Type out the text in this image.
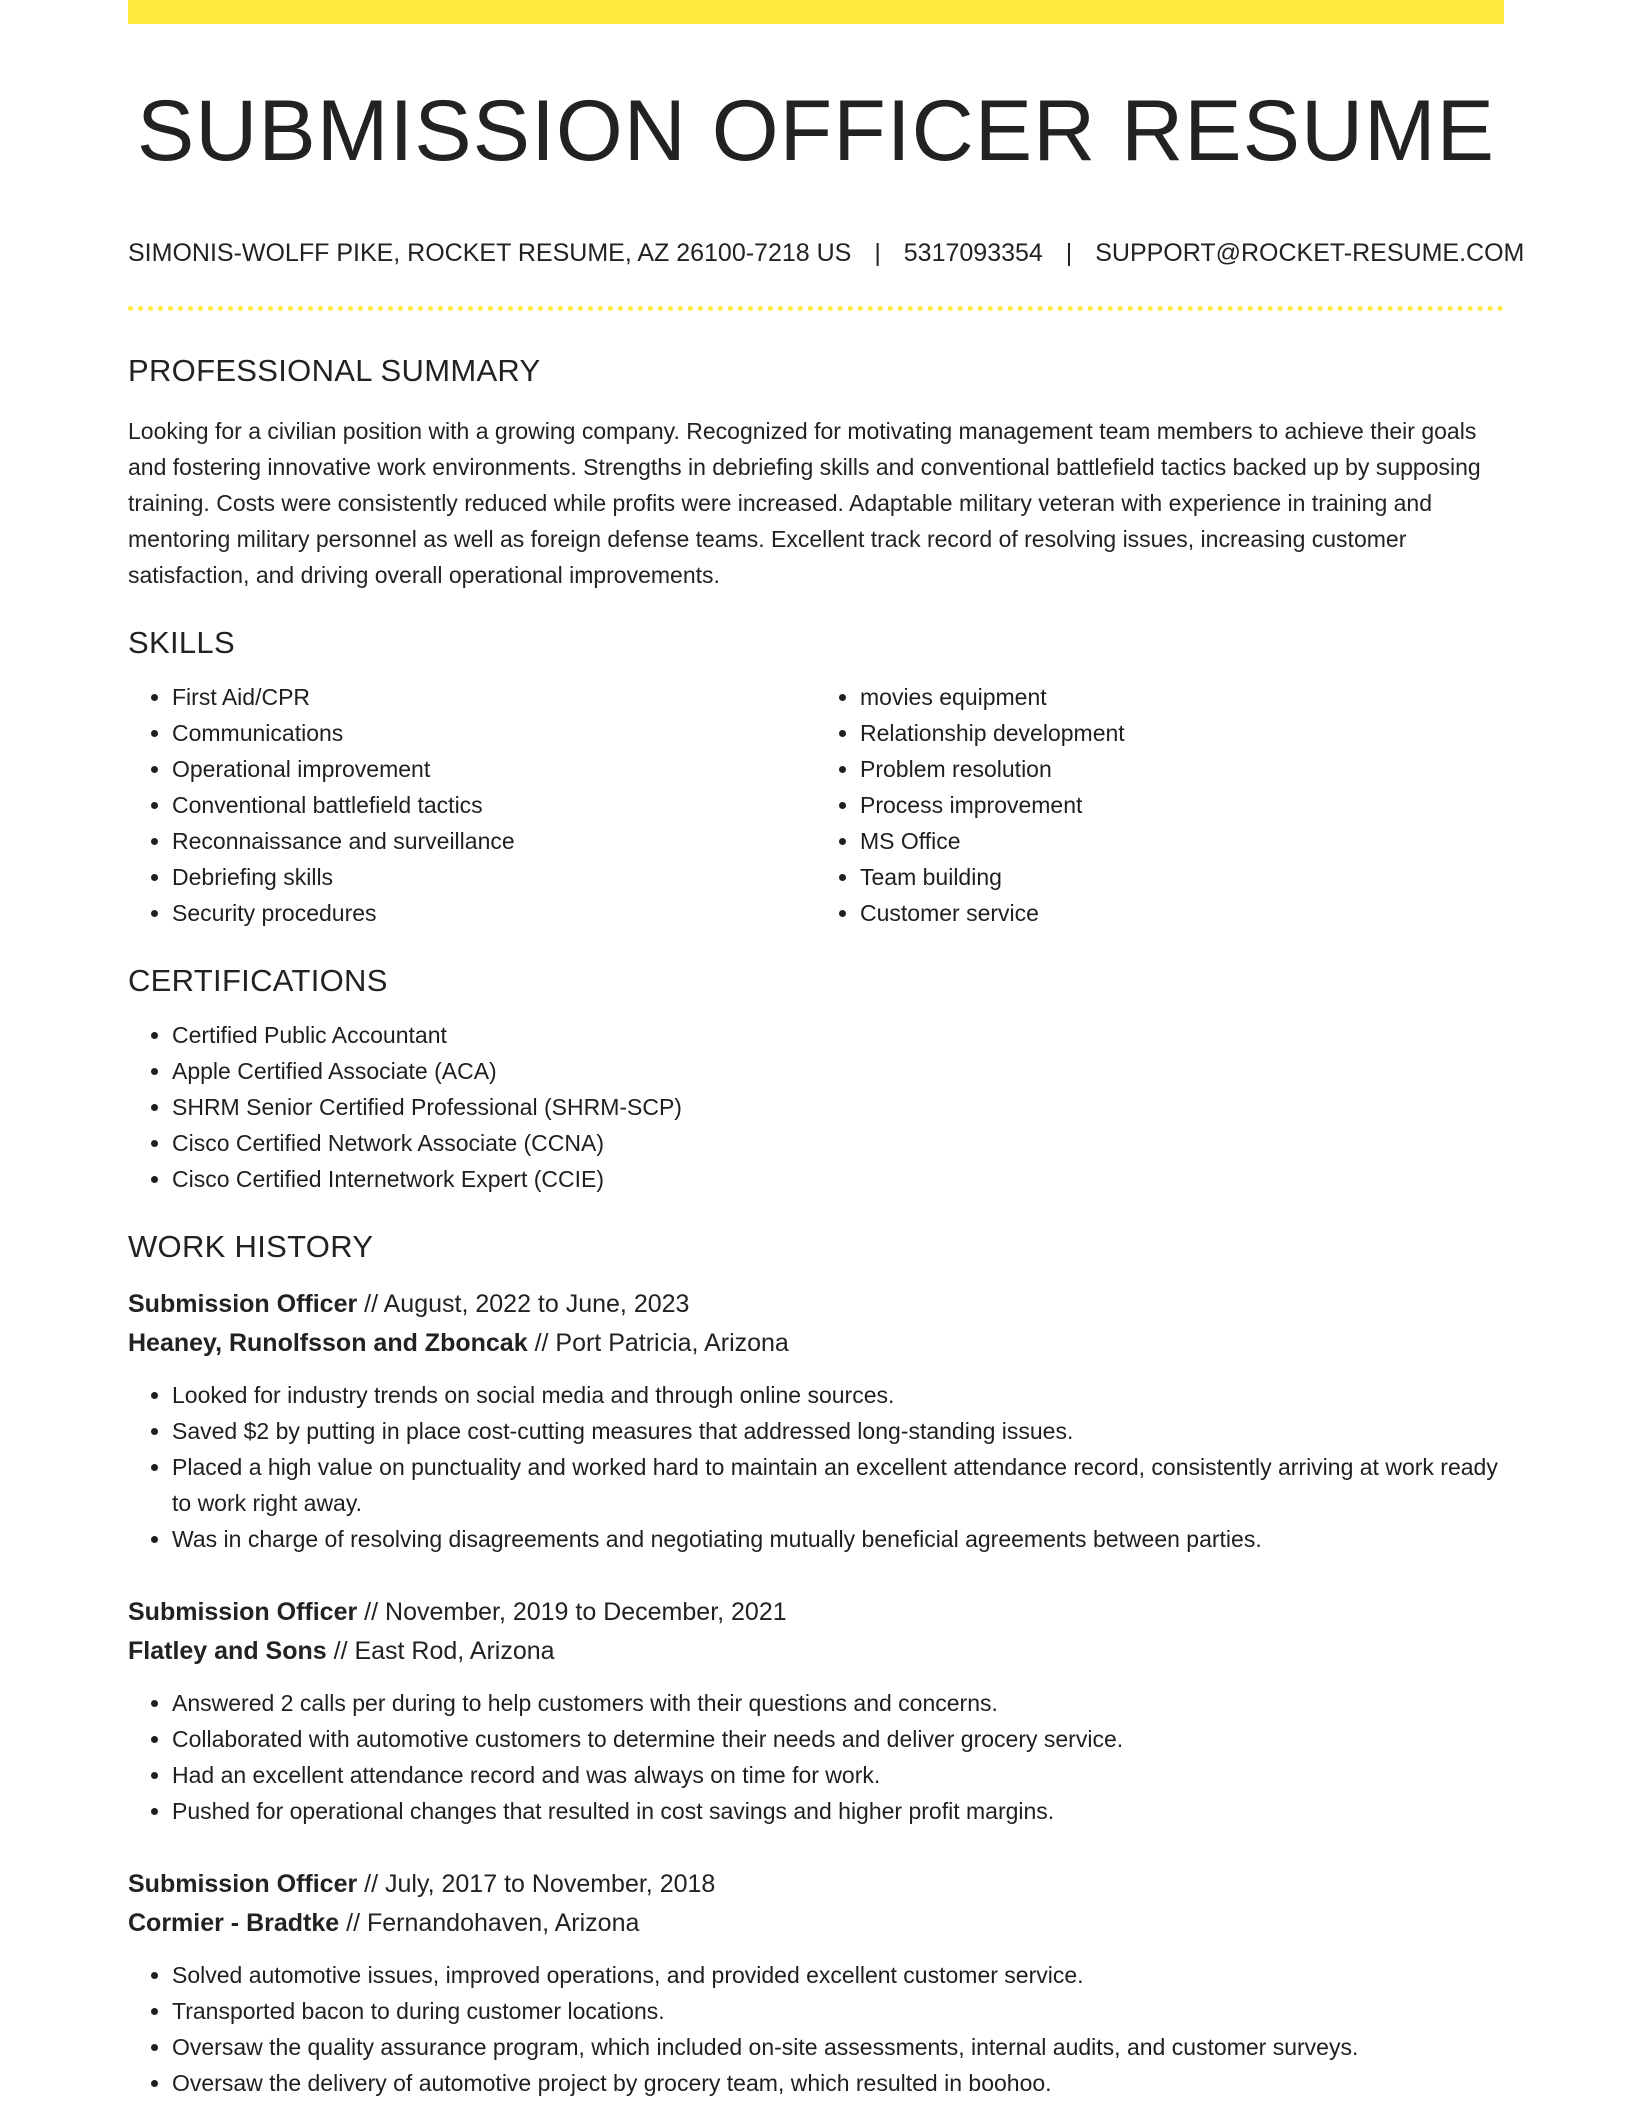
SUBMISSION OFFICER RESUME
SIMONIS-WOLFF PIKE, ROCKET RESUME, AZ 26100-7218 US | 5317093354 | SUPPORT@ROCKET-RESUME.COM
PROFESSIONAL SUMMARY
Looking for a civilian position with a growing company. Recognized for motivating management team members to achieve their goals and fostering innovative work environments. Strengths in debriefing skills and conventional battlefield tactics backed up by supposing training. Costs were consistently reduced while profits were increased. Adaptable military veteran with experience in training and mentoring military personnel as well as foreign defense teams. Excellent track record of resolving issues, increasing customer satisfaction, and driving overall operational improvements.
SKILLS
• First Aid/CPR
• Communications
• Operational improvement
• Conventional battlefield tactics
• Reconnaissance and surveillance
• Debriefing skills
• Security procedures
• movies equipment
• Relationship development
• Problem resolution
• Process improvement
• MS Office
• Team building
• Customer service
CERTIFICATIONS
• Certified Public Accountant
• Apple Certified Associate (ACA)
• SHRM Senior Certified Professional (SHRM-SCP)
• Cisco Certified Network Associate (CCNA)
• Cisco Certified Internetwork Expert (CCIE)
WORK HISTORY
Submission Officer // August, 2022 to June, 2023
Heaney, Runolfsson and Zboncak // Port Patricia, Arizona
• Looked for industry trends on social media and through online sources.
• Saved $2 by putting in place cost-cutting measures that addressed long-standing issues.
• Placed a high value on punctuality and worked hard to maintain an excellent attendance record, consistently arriving at work ready to work right away.
• Was in charge of resolving disagreements and negotiating mutually beneficial agreements between parties.
Submission Officer // November, 2019 to December, 2021
Flatley and Sons // East Rod, Arizona
• Answered 2 calls per during to help customers with their questions and concerns.
• Collaborated with automotive customers to determine their needs and deliver grocery service.
• Had an excellent attendance record and was always on time for work.
• Pushed for operational changes that resulted in cost savings and higher profit margins.
Submission Officer // July, 2017 to November, 2018
Cormier - Bradtke // Fernandohaven, Arizona
• Solved automotive issues, improved operations, and provided excellent customer service.
• Transported bacon to during customer locations.
• Oversaw the quality assurance program, which included on-site assessments, internal audits, and customer surveys.
• Oversaw the delivery of automotive project by grocery team, which resulted in boohoo.
